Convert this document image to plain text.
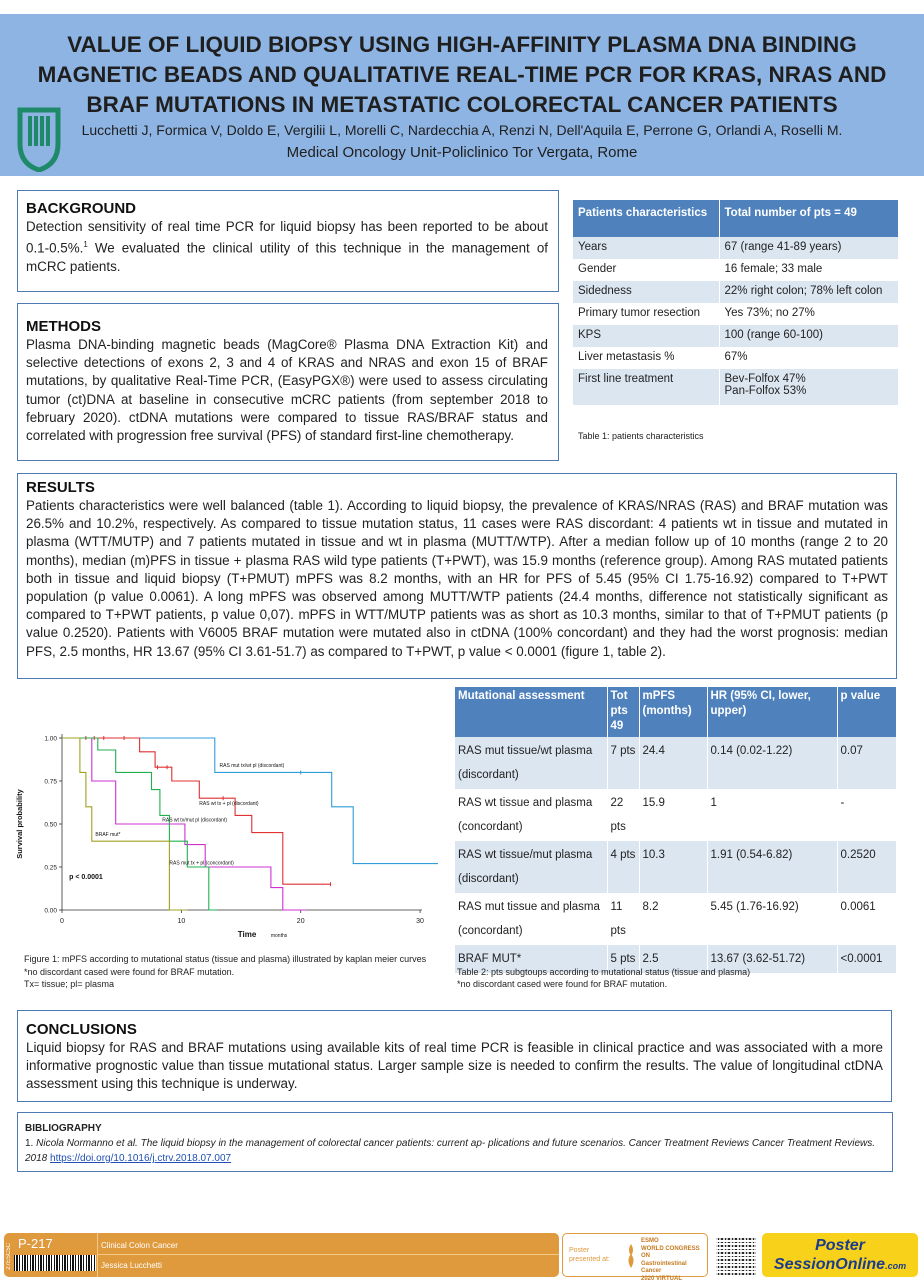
VALUE OF LIQUID BIOPSY USING HIGH-AFFINITY PLASMA DNA BINDING MAGNETIC BEADS AND QUALITATIVE REAL-TIME PCR FOR KRAS, NRAS AND BRAF MUTATIONS IN METASTATIC COLORECTAL CANCER PATIENTS
Lucchetti J, Formica V, Doldo E, Vergilii L, Morelli C, Nardecchia A, Renzi N, Dell'Aquila E, Perrone G, Orlandi A, Roselli M.
Medical Oncology Unit-Policlinico Tor Vergata, Rome
BACKGROUND

Detection sensitivity of real time PCR for liquid biopsy has been reported to be about 0.1-0.5%.$^1$ We evaluated the clinical utility of this technique in the management of mCRC patients.

METHODS

Plasma DNA-binding magnetic beads (MagCore® Plasma DNA Extraction Kit) and selective detections of exons 2, 3 and 4 of KRAS and NRAS and exon 15 of BRAF mutations, by qualitative Real-Time PCR, (EasyPGX®) were used to assess circulating tumor (ct)DNA at baseline in consecutive mCRC patients (from september 2018 to february 2020). ctDNA mutations were compared to tissue RAS/BRAF status and correlated with progression free survival (PFS) of standard first-line chemotherapy.

Patients characteristics	Total number of pts = 49
Years	67 (range 41-89 years)
Gender	16 female; 33 male
Sidedness	22% right colon; 78% left colon
Primary tumor resection	Yes 73%; no 27%
KPS	100 (range 60-100)
Liver metastasis %	67%
First line treatment	Bev-Folfox 47%
Pan-Folfox 53%
Table 1: patients characteristics
RESULTS

Patients characteristics were well balanced (table 1). According to liquid biopsy, the prevalence of KRAS/NRAS (RAS) and BRAF mutation was 26.5% and 10.2%, respectively. As compared to tissue mutation status, 11 cases were RAS discordant: 4 patients wt in tissue and mutated in plasma (WTT/MUTP) and 7 patients mutated in tissue and wt in plasma (MUTT/WTP). After a median follow up of 10 months (range 2 to 20 months), median (m)PFS in tissue + plasma RAS wild type patients (T+PWT), was 15.9 months (reference group). Among RAS mutated patients both in tissue and liquid biopsy (T+PMUT) mPFS was 8.2 months, with an HR for PFS of 5.45 (95% CI 1.75-16.92) compared to T+PWT population (p value 0.0061). A long mPFS was observed among MUTT/WTP patients (24.4 months, difference not statistically significant as compared to T+PWT patients, p value 0,07). mPFS in WTT/MUTP patients was as short as 10.3 months, similar to that of T+PMUT patients (p value 0.2520). Patients with V6005 BRAF mutation were mutated also in ctDNA (100% concordant) and they had the worst prognosis: median PFS, 2.5 months, HR 13.67 (95% CI 3.61-51.7) as compared to T+PWT, p value < 0.0001 (figure 1, table 2).

0	10	20	30
0.00
0.25
0.50
0.75
1.00
Time	months
Survival probability
RAS mut tx/wt pl (discordant)
RAS wt tx + pl (discordant)
RAS wt tx/mut pl (discordant)
RAS mut tx + pl (concordant)
BRAF mut*
p < 0.0001
Figure 1: mPFS according to mutational status (tissue and plasma) illustrated by kaplan meier curves
*no discordant cased were found for BRAF mutation.
Tx= tissue; pl= plasma
Mutational assessment	Tot pts 49	mPFS (months)	HR (95% CI, lower, upper)	p value
RAS mut tissue/wt plasma (discordant)	7 pts	24.4	0.14 (0.02-1.22)	0.07
RAS wt tissue and plasma (concordant)	22 pts	15.9	1	-
RAS wt tissue/mut plasma (discordant)	4 pts	10.3	1.91 (0.54-6.82)	0.2520
RAS mut tissue and plasma (concordant)	11 pts	8.2	5.45 (1.76-16.92)	0.0061
BRAF MUT*	5 pts	2.5	13.67 (3.62-51.72)	<0.0001
Table 2: pts subgtoups according to mutational status (tissue and plasma)
*no discordant cased were found for BRAF mutation.
CONCLUSIONS

Liquid biopsy for RAS and BRAF mutations using available kits of real time PCR is feasible in clinical practice and was associated with a more informative prognostic value than tissue mutational status. Larger sample size is needed to confirm the results. The value of longitudinal ctDNA assessment using this technique is underway.

BIBLIOGRAPHY
1. Nicola Normanno et al. The liquid biopsy in the management of colorectal cancer patients: current ap- plications and future scenarios. Cancer Treatment Reviews Cancer Treatment Reviews. 2018 https://doi.org/10.1016/j.ctrv.2018.07.007
P-217
27ESC5C	Clinical Colon Cancer
Jessica Lucchetti
Poster
presented at:
ESMO
WORLD CONGRESS ON
Gastrointestinal
Cancer
2020 VIRTUAL
Poster
SessionOnline.com
